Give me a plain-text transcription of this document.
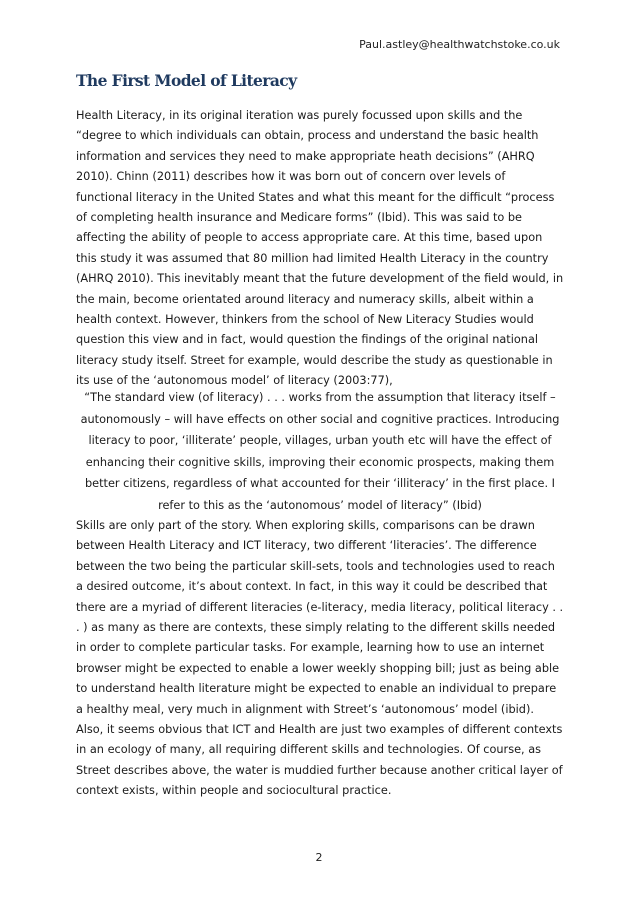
Paul.astley@healthwatchstoke.co.uk
The First Model of Literacy

Health Literacy, in its original iteration was purely focussed upon skills and the “degree to which individuals can obtain, process and understand the basic health information and services they need to make appropriate heath decisions” (AHRQ 2010). Chinn (2011) describes how it was born out of concern over levels of functional literacy in the United States and what this meant for the difficult “process of completing health insurance and Medicare forms” (Ibid). This was said to be affecting the ability of people to access appropriate care. At this time, based upon this study it was assumed that 80 million had limited Health Literacy in the country (AHRQ 2010). This inevitably meant that the future development of the field would, in the main, become orientated around literacy and numeracy skills, albeit within a health context. However, thinkers from the school of New Literacy Studies would question this view and in fact, would question the findings of the original national literacy study itself. Street for example, would describe the study as questionable in its use of the ‘autonomous model’ of literacy (2003:77),

“The standard view (of literacy) . . . works from the assumption that literacy itself – autonomously – will have effects on other social and cognitive practices. Introducing literacy to poor, ‘illiterate’ people, villages, urban youth etc will have the effect of enhancing their cognitive skills, improving their economic prospects, making them better citizens, regardless of what accounted for their ‘illiteracy’ in the first place. I refer to this as the ‘autonomous’ model of literacy” (Ibid)

Skills are only part of the story. When exploring skills, comparisons can be drawn between Health Literacy and ICT literacy, two different ‘literacies’. The difference between the two being the particular skill-sets, tools and technologies used to reach a desired outcome, it’s about context. In fact, in this way it could be described that there are a myriad of different literacies (e-literacy, media literacy, political literacy . . . ) as many as there are contexts, these simply relating to the different skills needed in order to complete particular tasks. For example, learning how to use an internet browser might be expected to enable a lower weekly shopping bill; just as being able to understand health literature might be expected to enable an individual to prepare a healthy meal, very much in alignment with Street’s ‘autonomous’ model (ibid). Also, it seems obvious that ICT and Health are just two examples of different contexts in an ecology of many, all requiring different skills and technologies. Of course, as Street describes above, the water is muddied further because another critical layer of context exists, within people and sociocultural practice.

2
